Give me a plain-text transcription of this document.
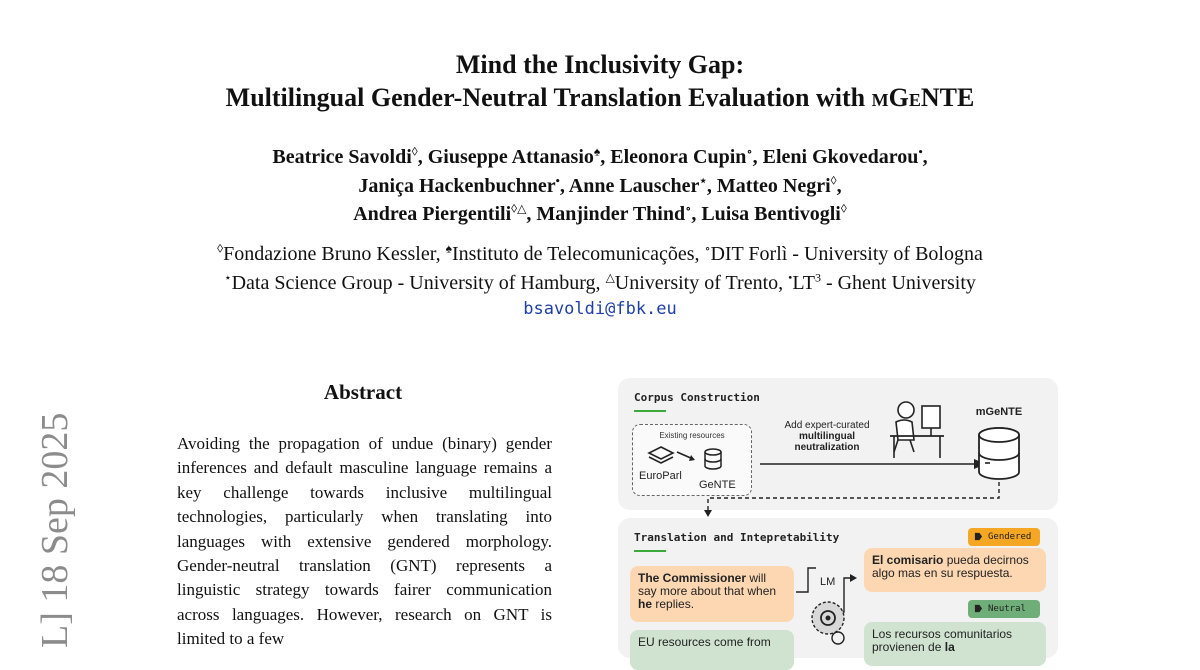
Mind the Inclusivity Gap:
Multilingual Gender-Neutral Translation Evaluation with mGeNTE
Beatrice Savoldi◊, Giuseppe Attanasio♠, Eleonora Cupin∘, Eleni Gkovedarou•,
Janiça Hackenbuchner•, Anne Lauscher⋆, Matteo Negri◊,
Andrea Piergentili◊△, Manjinder Thind∘, Luisa Bentivogli◊
◊Fondazione Bruno Kessler, ♠Instituto de Telecomunicações, ∘DIT Forlì - University of Bologna
⋆Data Science Group - University of Hamburg, △University of Trento, $^•LT^3$ - Ghent University
bsavoldi@fbk.eu
L] 18 Sep 2025
Abstract
Avoiding the propagation of undue (binary) gender inferences and default masculine language remains a key challenge towards inclusive multilingual technologies, particularly when translating into languages with extensive gendered morphology. Gender-neutral translation (GNT) represents a linguistic strategy towards fairer communication across languages. However, research on GNT is limited to a few
Corpus Construction
Existing resources
EuroParl
GeNTE
Add expert-curated
multilingual
neutralization
mGeNTE
Translation and Intepretability
The Commissioner will say more about that when he replies.
EU resources come from
LM
Gendered
El comisario pueda decirnos algo mas en su respuesta.
Neutral
Los recursos comunitarios
provienen de la
